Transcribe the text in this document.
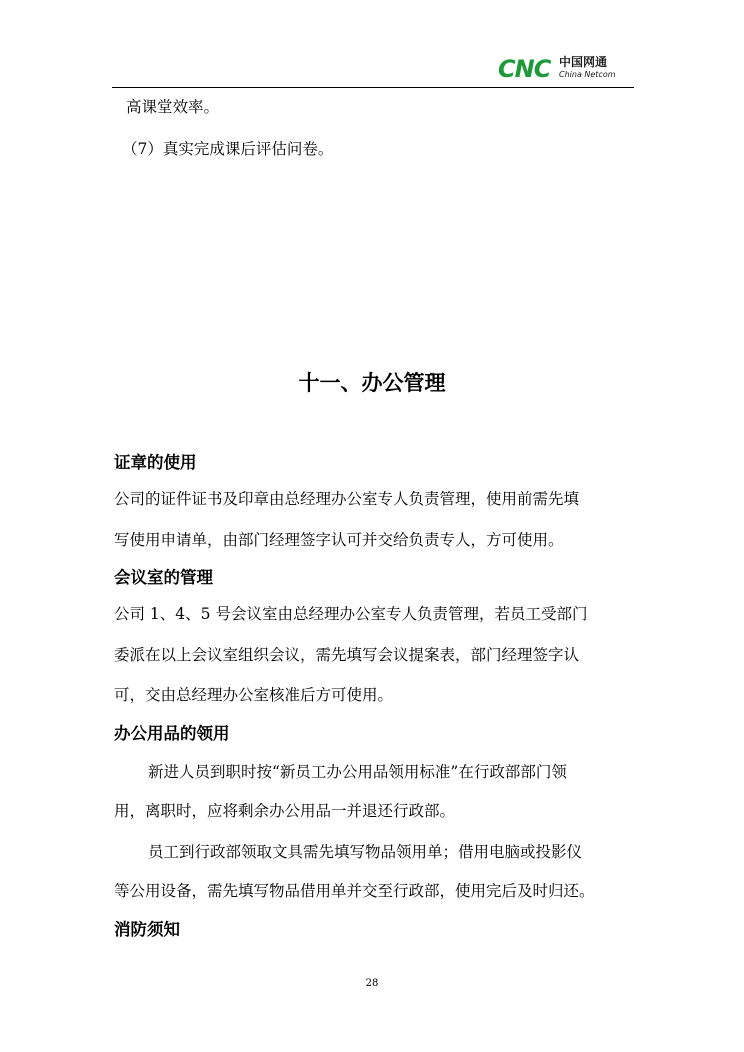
CNC 中国网通
China Netcom
高课堂效率。
（7）真实完成课后评估问卷。
十一、办公管理
证章的使用
公司的证件证书及印章由总经理办公室专人负责管理，使用前需先填
写使用申请单，由部门经理签字认可并交给负责专人，方可使用。
会议室的管理
公司 1、4、5 号会议室由总经理办公室专人负责管理，若员工受部门
委派在以上会议室组织会议，需先填写会议提案表，部门经理签字认
可，交由总经理办公室核准后方可使用。
办公用品的领用
新进人员到职时按“新员工办公用品领用标准”在行政部部门领
用，离职时，应将剩余办公用品一并退还行政部。
员工到行政部领取文具需先填写物品领用单；借用电脑或投影仪
等公用设备，需先填写物品借用单并交至行政部，使用完后及时归还。
消防须知
28
